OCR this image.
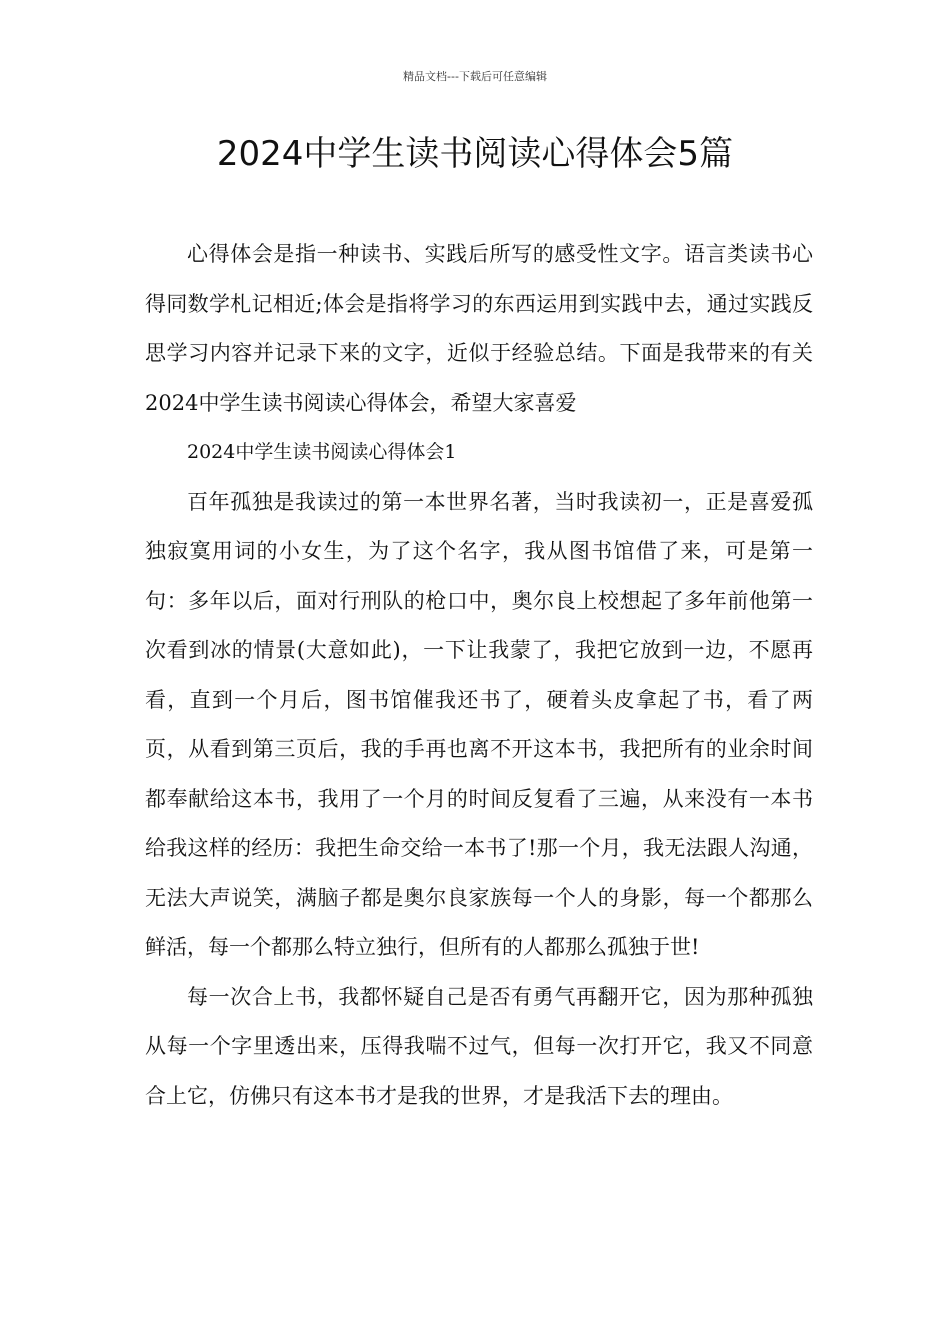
精品文档---下载后可任意编辑
2024中学生读书阅读心得体会5篇

心得体会是指一种读书、实践后所写的感受性文字。语言类读书心得同数学札记相近;体会是指将学习的东西运用到实践中去，通过实践反思学习内容并记录下来的文字，近似于经验总结。下面是我带来的有关2024中学生读书阅读心得体会，希望大家喜爱

2024中学生读书阅读心得体会1

百年孤独是我读过的第一本世界名著，当时我读初一，正是喜爱孤独寂寞用词的小女生，为了这个名字，我从图书馆借了来，可是第一句：多年以后，面对行刑队的枪口中，奥尔良上校想起了多年前他第一次看到冰的情景(大意如此)，一下让我蒙了，我把它放到一边，不愿再看，直到一个月后，图书馆催我还书了，硬着头皮拿起了书，看了两页，从看到第三页后，我的手再也离不开这本书，我把所有的业余时间都奉献给这本书，我用了一个月的时间反复看了三遍，从来没有一本书给我这样的经历：我把生命交给一本书了!那一个月，我无法跟人沟通，无法大声说笑，满脑子都是奥尔良家族每一个人的身影，每一个都那么鲜活，每一个都那么特立独行，但所有的人都那么孤独于世!

每一次合上书，我都怀疑自己是否有勇气再翻开它，因为那种孤独从每一个字里透出来，压得我喘不过气，但每一次打开它，我又不同意合上它，仿佛只有这本书才是我的世界，才是我活下去的理由。
